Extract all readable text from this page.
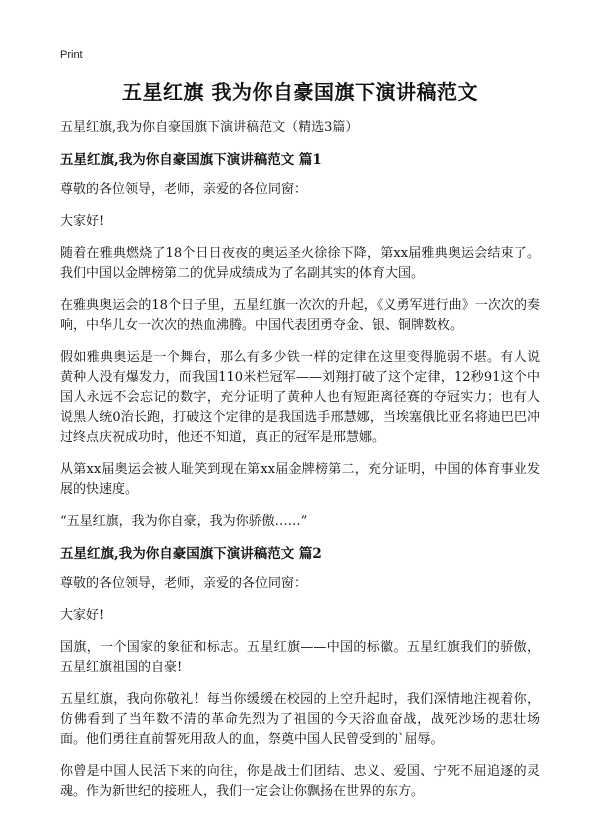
Print
五星红旗 我为你自豪国旗下演讲稿范文
五星红旗,我为你自豪国旗下演讲稿范文（精选3篇）
五星红旗,我为你自豪国旗下演讲稿范文 篇1

尊敬的各位领导，老师，亲爱的各位同窗：

大家好!

随着在雅典燃烧了18个日日夜夜的奥运圣火徐徐下降，第xx届雅典奥运会结束了。我们中国以金牌榜第二的优异成绩成为了名副其实的体育大国。

在雅典奥运会的18个日子里，五星红旗一次次的升起，《义勇军进行曲》一次次的奏响，中华儿女一次次的热血沸腾。中国代表团勇夺金、银、铜牌数枚。

假如雅典奥运是一个舞台，那么有多少铁一样的定律在这里变得脆弱不堪。有人说黄种人没有爆发力，而我国110米栏冠军——刘翔打破了这个定律，12秒91这个中国人永远不会忘记的数字，充分证明了黄种人也有短距离径赛的夺冠实力；也有人说黑人统0治长跑，打破这个定律的是我国选手邢慧娜，当埃塞俄比亚名将迪巴巴冲过终点庆祝成功时，他还不知道，真正的冠军是邢慧娜。

从第xx届奥运会被人耻笑到现在第xx届金牌榜第二，充分证明，中国的体育事业发展的快速度。

“五星红旗，我为你自豪，我为你骄傲……”

五星红旗,我为你自豪国旗下演讲稿范文 篇2

尊敬的各位领导，老师，亲爱的各位同窗：

大家好!

国旗，一个国家的象征和标志。五星红旗——中国的标徽。五星红旗我们的骄傲，五星红旗祖国的自豪!

五星红旗，我向你敬礼！每当你缓缓在校园的上空升起时，我们深情地注视着你，仿佛看到了当年数不清的革命先烈为了祖国的今天浴血奋战，战死沙场的悲壮场面。他们勇往直前誓死用敌人的血，祭奠中国人民曾受到的`屈辱。

你曾是中国人民活下来的向往，你是战士们团结、忠义、爱国、宁死不屈追逐的灵魂。作为新世纪的接班人，我们一定会让你飘扬在世界的东方。
